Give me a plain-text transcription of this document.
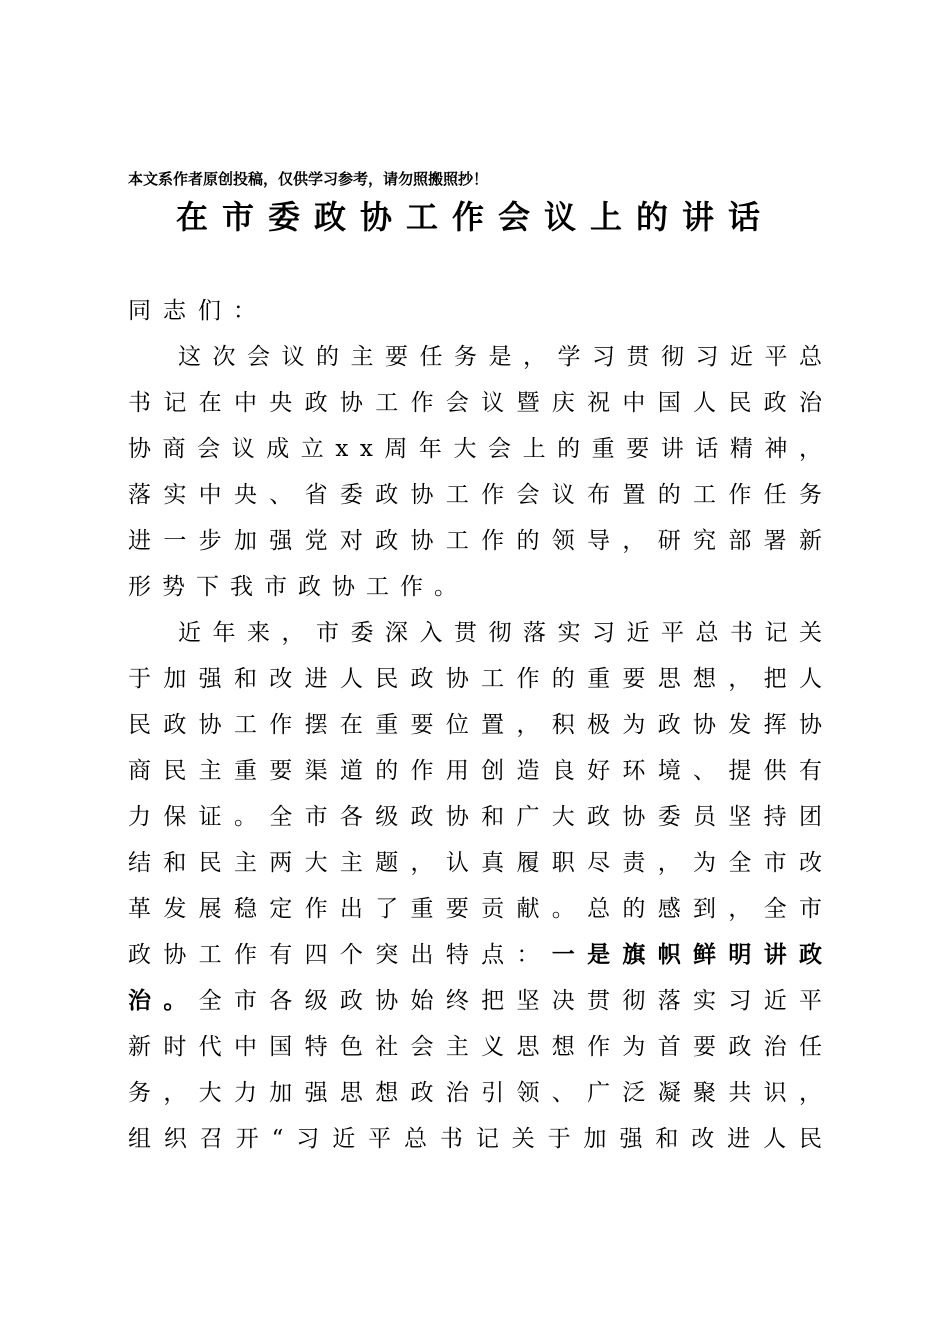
本文系作者原创投稿，仅供学习参考，请勿照搬照抄！
在市委政协工作会议上的讲话
同志们：
这次会议的主要任务是，学习贯彻习近平总
书记在中央政协工作会议暨庆祝中国人民政治
协商会议成立xx周年大会上的重要讲话精神，
落实中央、省委政协工作会议布置的工作任务
进一步加强党对政协工作的领导，研究部署新
形势下我市政协工作。
近年来，市委深入贯彻落实习近平总书记关
于加强和改进人民政协工作的重要思想，把人
民政协工作摆在重要位置，积极为政协发挥协
商民主重要渠道的作用创造良好环境、提供有
力保证。全市各级政协和广大政协委员坚持团
结和民主两大主题，认真履职尽责，为全市改
革发展稳定作出了重要贡献。总的感到，全市
政协工作有四个突出特点：一是旗帜鲜明讲政
治。全市各级政协始终把坚决贯彻落实习近平
新时代中国特色社会主义思想作为首要政治任
务，大力加强思想政治引领、广泛凝聚共识，
组织召开“习近平总书记关于加强和改进人民
